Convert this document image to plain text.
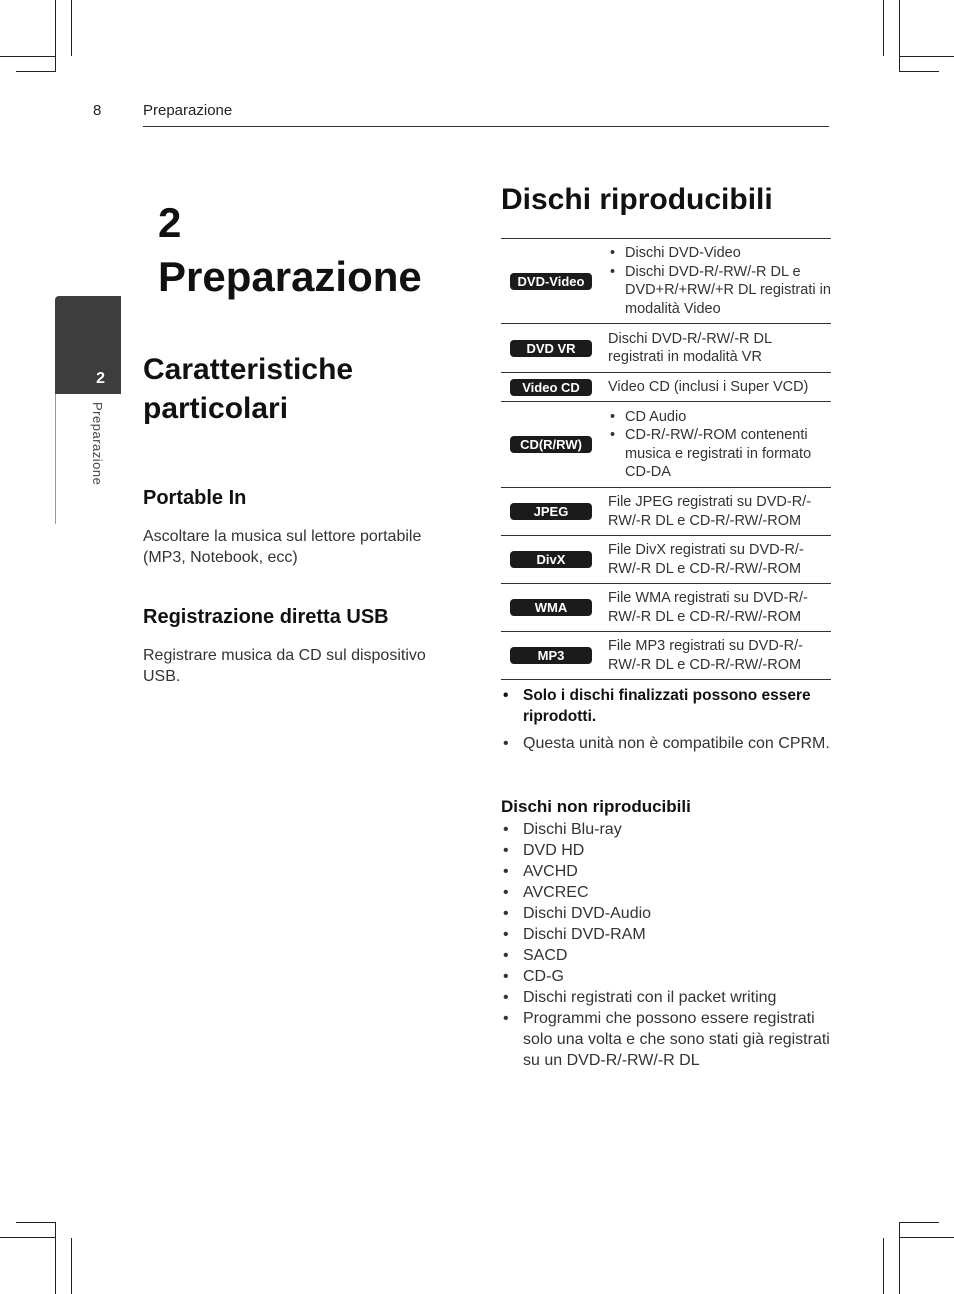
8	Preparazione
2
Preparazione
2
Preparazione
Caratteristiche particolari
Portable In

Ascoltare la musica sul lettore portabile (MP3, Notebook, ecc)

Registrazione diretta USB

Registrare musica da CD sul dispositivo USB.

Dischi riproducibili
DVD-Video
• Dischi DVD-Video
• Dischi DVD-R/-RW/-R DL e DVD+R/+RW/+R DL registrati in modalità Video
DVD VR
Dischi DVD-R/-RW/-R DL registrati in modalità VR
Video CD	Video CD (inclusi i Super VCD)
CD(R/RW)
• CD Audio
• CD-R/-RW/-ROM contenenti musica e registrati in formato CD-DA
JPEG
File JPEG registrati su DVD-R/-RW/-R DL e CD-R/-RW/-ROM
DivX
File DivX registrati su DVD-R/-RW/-R DL e CD-R/-RW/-ROM
WMA
File WMA registrati su DVD-R/-RW/-R DL e CD-R/-RW/-ROM
MP3
File MP3 registrati su DVD-R/-RW/-R DL e CD-R/-RW/-ROM
• Solo i dischi finalizzati possono essere riprodotti.
• Questa unità non è compatibile con CPRM.
Dischi non riproducibili
• Dischi Blu-ray
• DVD HD
• AVCHD
• AVCREC
• Dischi DVD-Audio
• Dischi DVD-RAM
• SACD
• CD-G
• Dischi registrati con il packet writing
• Programmi che possono essere registrati solo una volta e che sono stati già registrati su un DVD-R/-RW/-R DL
